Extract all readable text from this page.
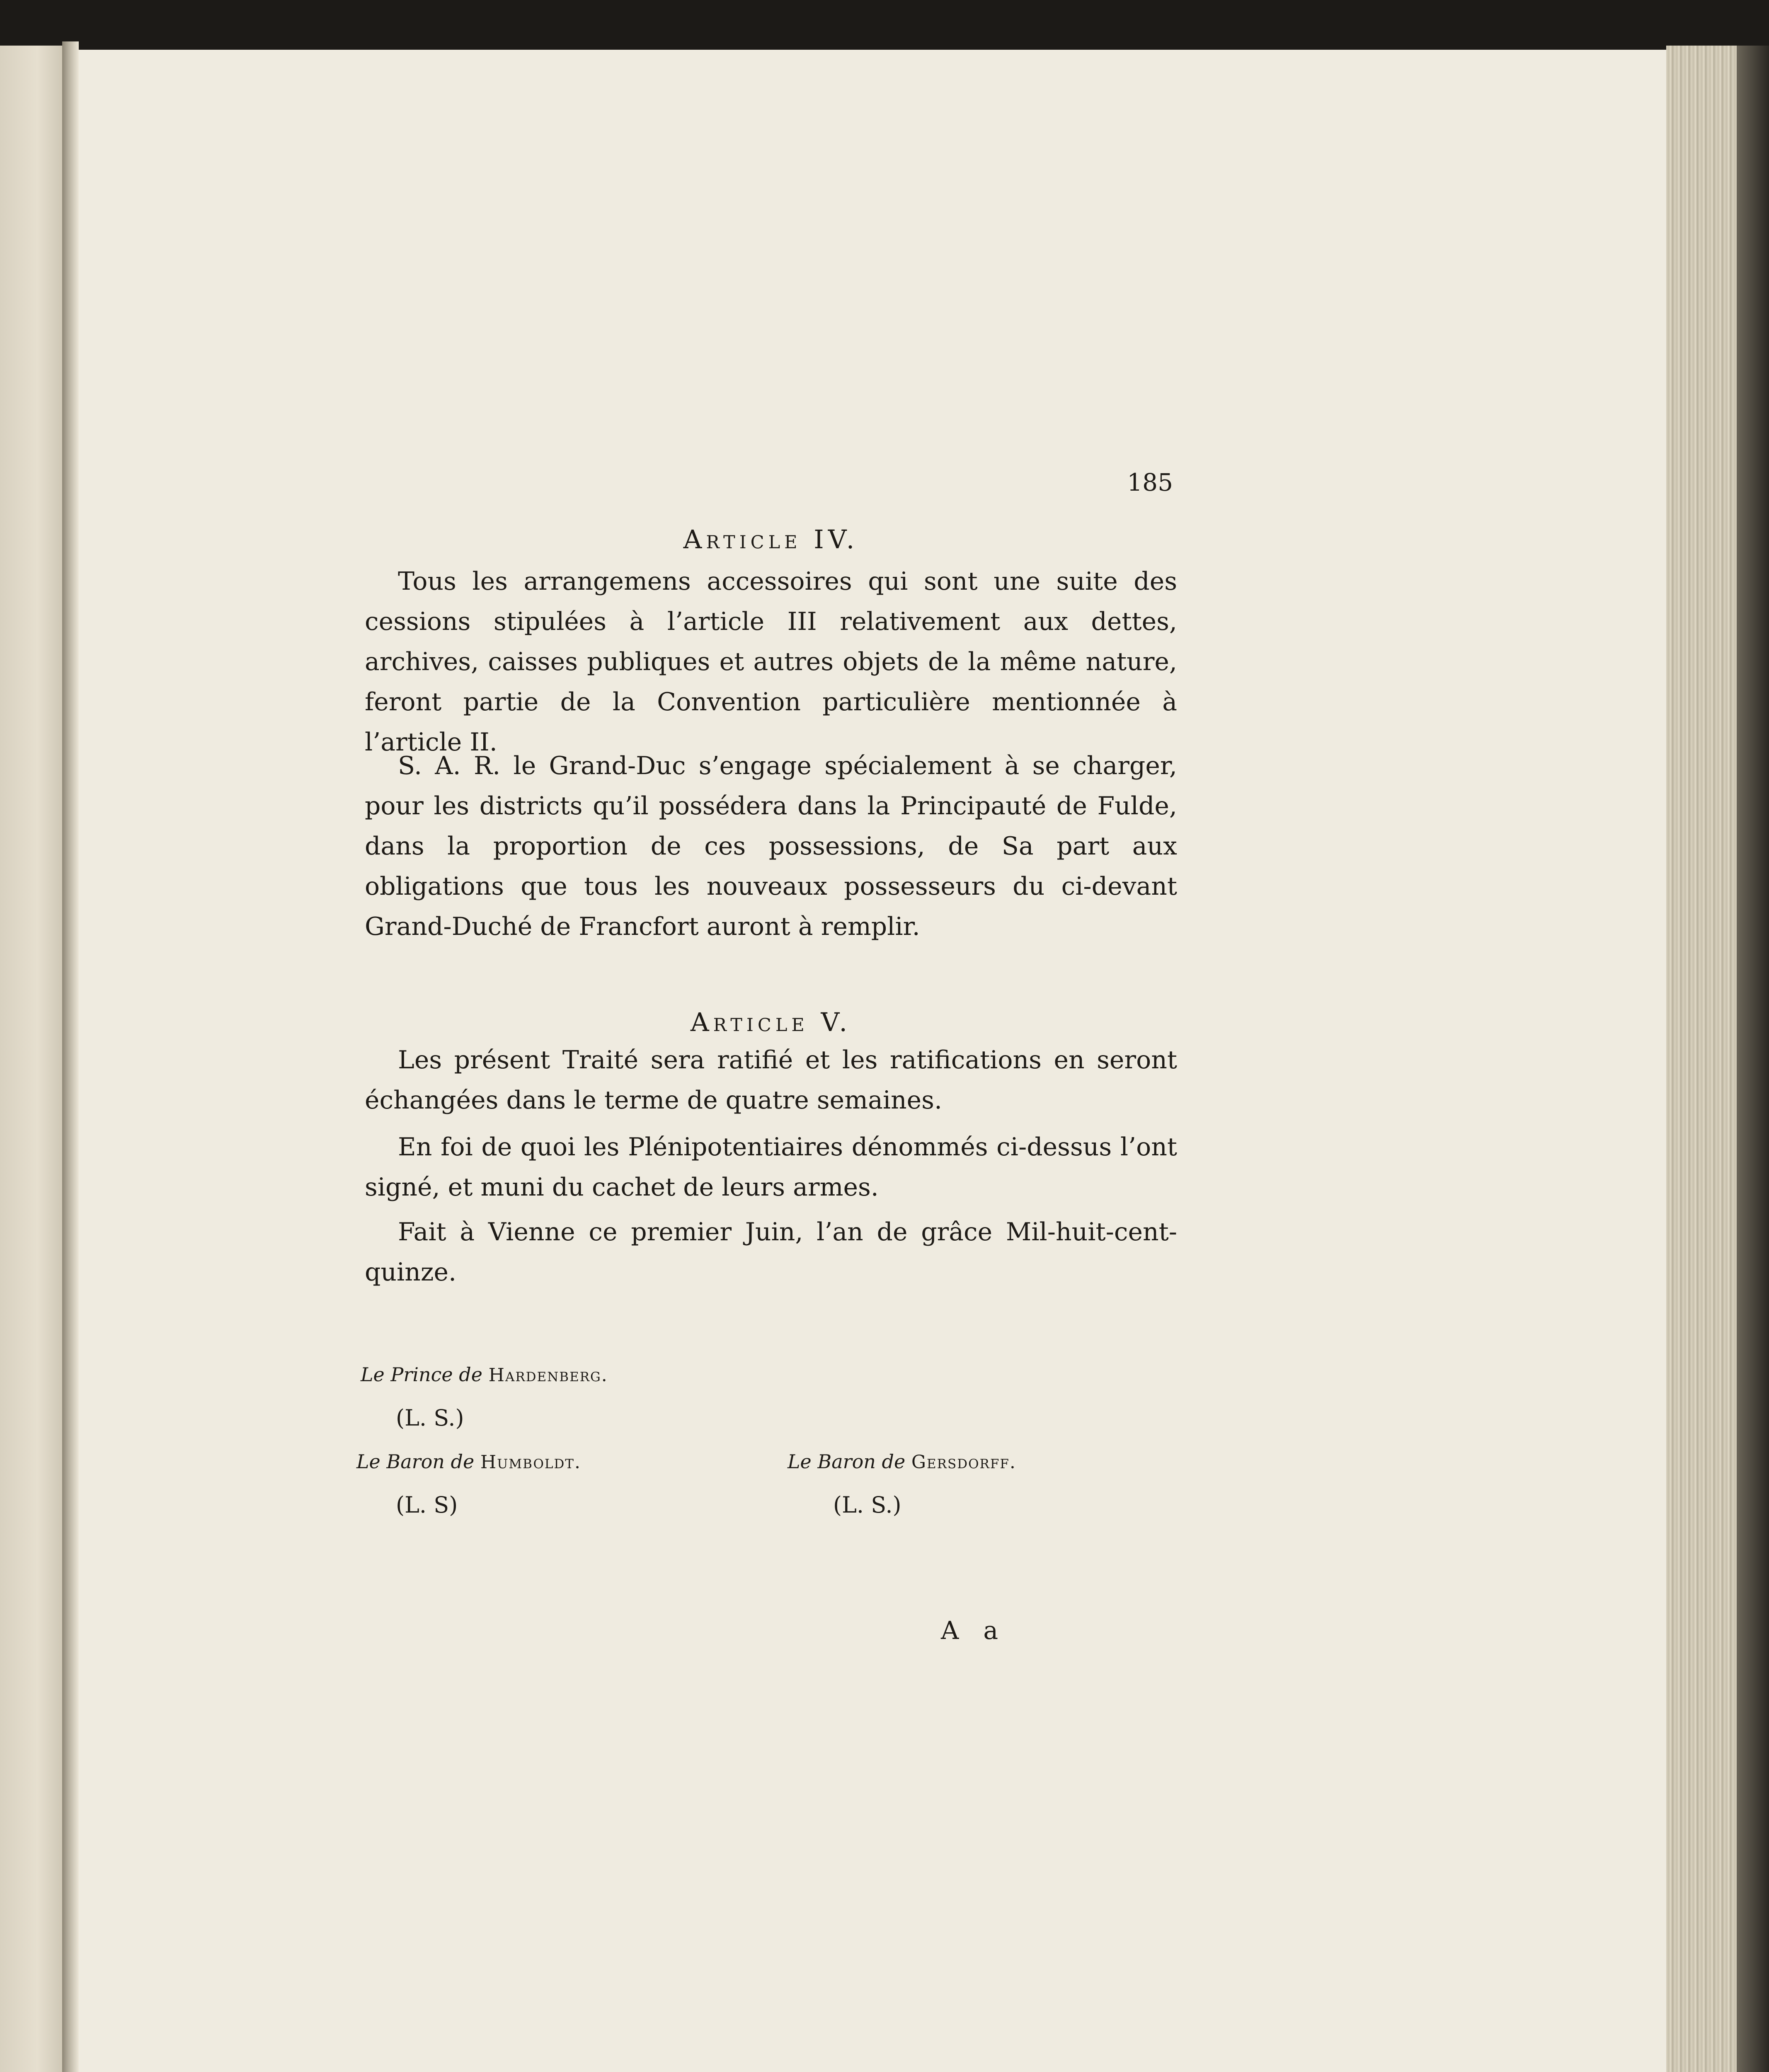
185
Article IV.

Tous les arrangemens accessoires qui sont une suite des cessions stipulées à l’article III relativement aux dettes, archives, caisses publiques et autres objets de la même nature, feront partie de la Convention particulière mentionnée à l’article II.

S. A. R. le Grand-Duc s’engage spécialement à se charger, pour les districts qu’il possédera dans la Principauté de Fulde, dans la proportion de ces possessions, de Sa part aux obligations que tous les nouveaux possesseurs du ci-devant Grand-Duché de Francfort auront à remplir.

Article V.

Les présent Traité sera ratifié et les ratifications en seront échangées dans le terme de quatre semaines.

En foi de quoi les Plénipotentiaires dénommés ci-dessus l’ont signé, et muni du cachet de leurs armes.

Fait à Vienne ce premier Juin, l’an de grâce Mil-huit-cent-quinze.

Le Prince de Hardenberg.
(L. S.)
Le Baron de Humboldt.
(L. S)
Le Baron de Gersdorff.
(L. S.)
A a
